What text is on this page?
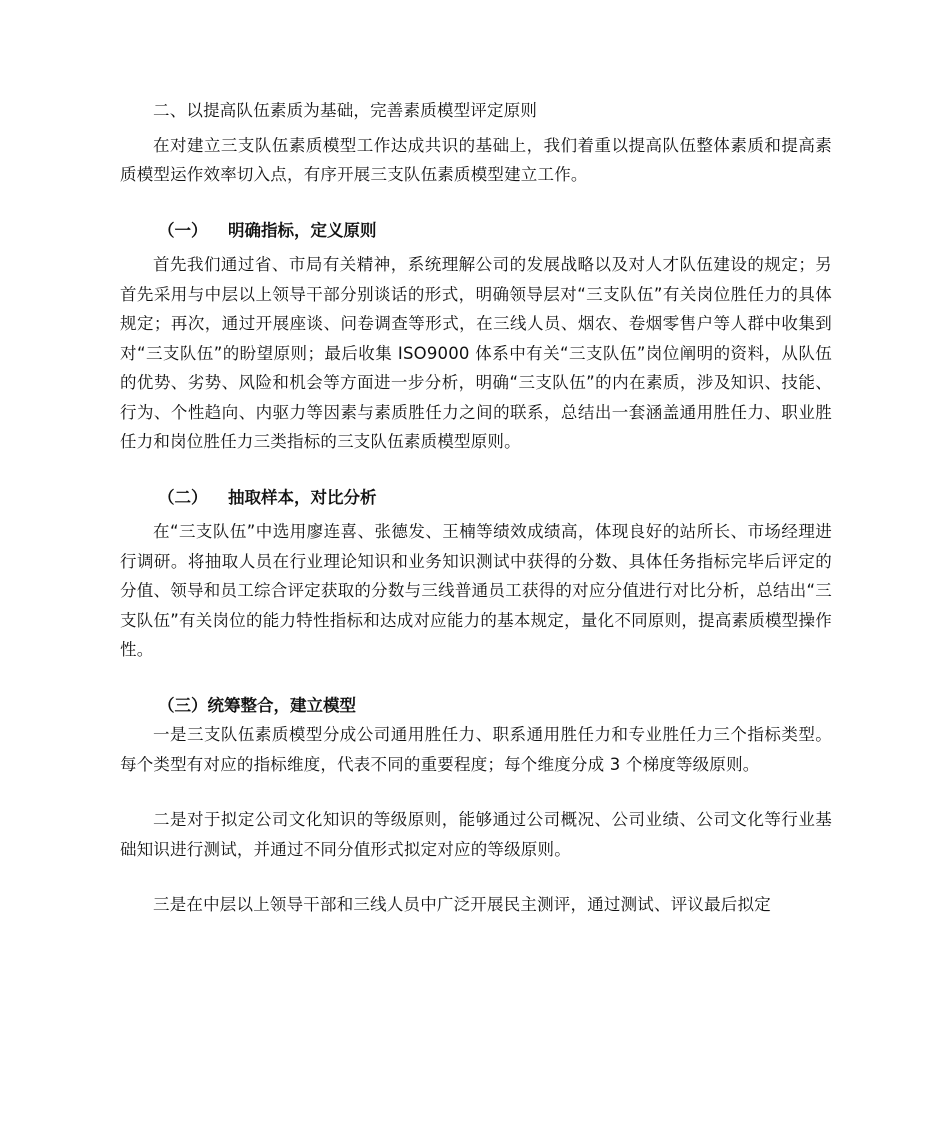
二、以提高队伍素质为基础，完善素质模型评定原则

在对建立三支队伍素质模型工作达成共识的基础上，我们着重以提高队伍整体素质和提高素质模型运作效率切入点，有序开展三支队伍素质模型建立工作。

（一） 明确指标，定义原则

首先我们通过省、市局有关精神，系统理解公司的发展战略以及对人才队伍建设的规定；另首先采用与中层以上领导干部分别谈话的形式，明确领导层对“三支队伍”有关岗位胜任力的具体规定；再次，通过开展座谈、问卷调查等形式，在三线人员、烟农、卷烟零售户等人群中收集到对“三支队伍”的盼望原则；最后收集 ISO9000 体系中有关“三支队伍”岗位阐明的资料，从队伍的优势、劣势、风险和机会等方面进一步分析，明确“三支队伍”的内在素质，涉及知识、技能、行为、个性趋向、内驱力等因素与素质胜任力之间的联系，总结出一套涵盖通用胜任力、职业胜任力和岗位胜任力三类指标的三支队伍素质模型原则。

（二） 抽取样本，对比分析

在“三支队伍”中选用廖连喜、张德发、王楠等绩效成绩高，体现良好的站所长、市场经理进行调研。将抽取人员在行业理论知识和业务知识测试中获得的分数、具体任务指标完毕后评定的分值、领导和员工综合评定获取的分数与三线普通员工获得的对应分值进行对比分析，总结出“三支队伍”有关岗位的能力特性指标和达成对应能力的基本规定，量化不同原则，提高素质模型操作性。

（三）统筹整合，建立模型

一是三支队伍素质模型分成公司通用胜任力、职系通用胜任力和专业胜任力三个指标类型。每个类型有对应的指标维度，代表不同的重要程度；每个维度分成 3 个梯度等级原则。

二是对于拟定公司文化知识的等级原则，能够通过公司概况、公司业绩、公司文化等行业基础知识进行测试，并通过不同分值形式拟定对应的等级原则。

三是在中层以上领导干部和三线人员中广泛开展民主测评，通过测试、评议最后拟定
